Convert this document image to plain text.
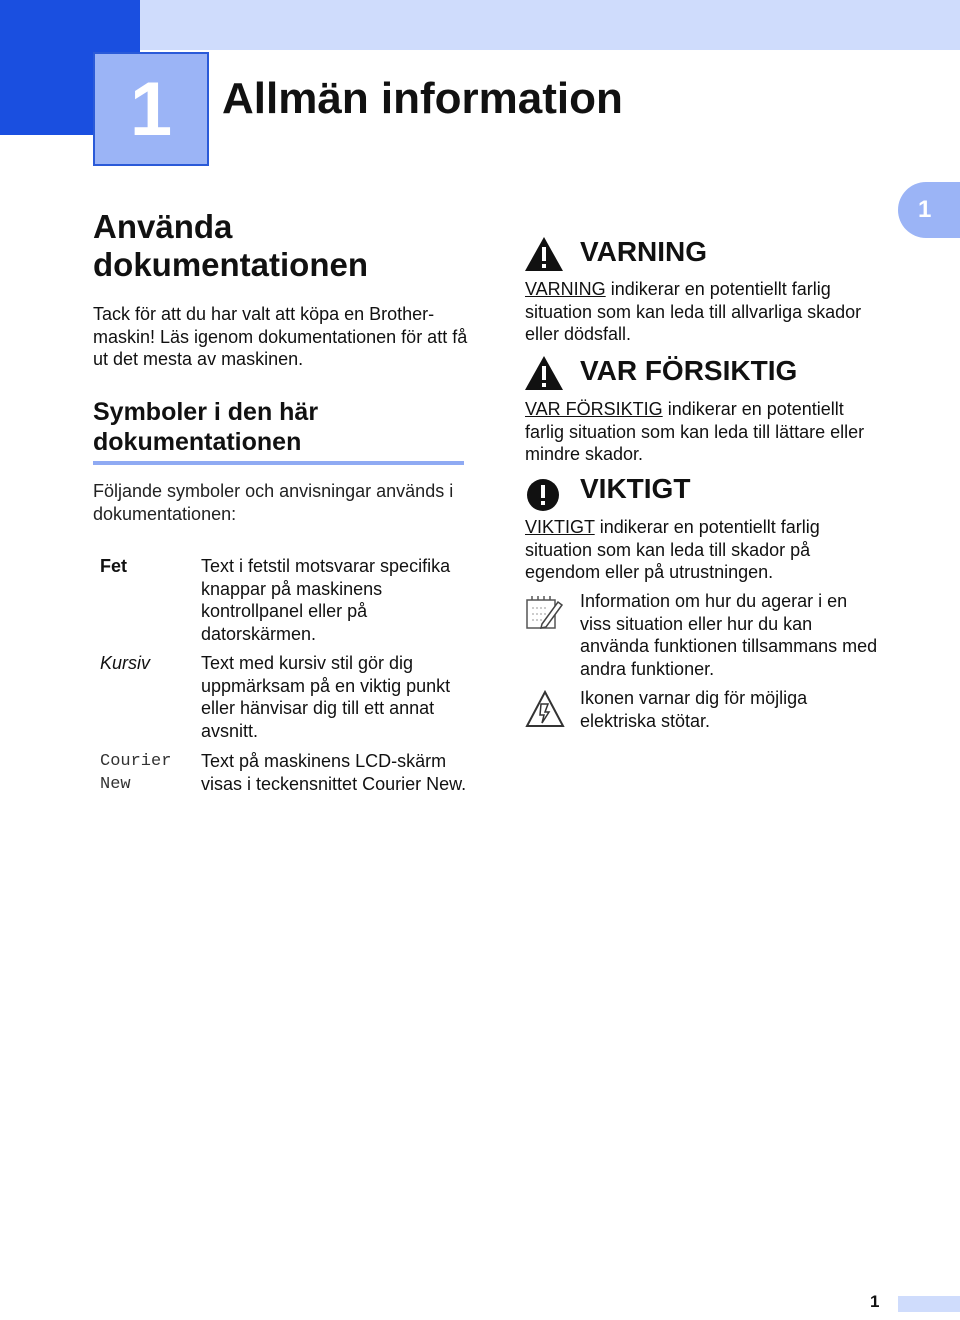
1 Allmän information
1
Använda dokumentationen

Tack för att du har valt att köpa en Brother-maskin! Läs igenom dokumentationen för att få ut det mesta av maskinen.

Symboler i den här dokumentationen

Följande symboler och anvisningar används i dokumentationen:

Fet	Text i fetstil motsvarar specifika knappar på maskinens kontrollpanel eller på datorskärmen.

Kursiv	Text med kursiv stil gör dig uppmärksam på en viktig punkt eller hänvisar dig till ett annat avsnitt.

Courier New

Text på maskinens LCD-skärm visas i teckensnittet Courier New.

VARNING

VARNING indikerar en potentiellt farlig situation som kan leda till allvarliga skador eller dödsfall.

VAR FÖRSIKTIG

VAR FÖRSIKTIG indikerar en potentiellt farlig situation som kan leda till lättare eller mindre skador.

VIKTIGT

VIKTIGT indikerar en potentiellt farlig situation som kan leda till skador på egendom eller på utrustningen.

Information om hur du agerar i en viss situation eller hur du kan använda funktionen tillsammans med andra funktioner.

Ikonen varnar dig för möjliga elektriska stötar.

1
